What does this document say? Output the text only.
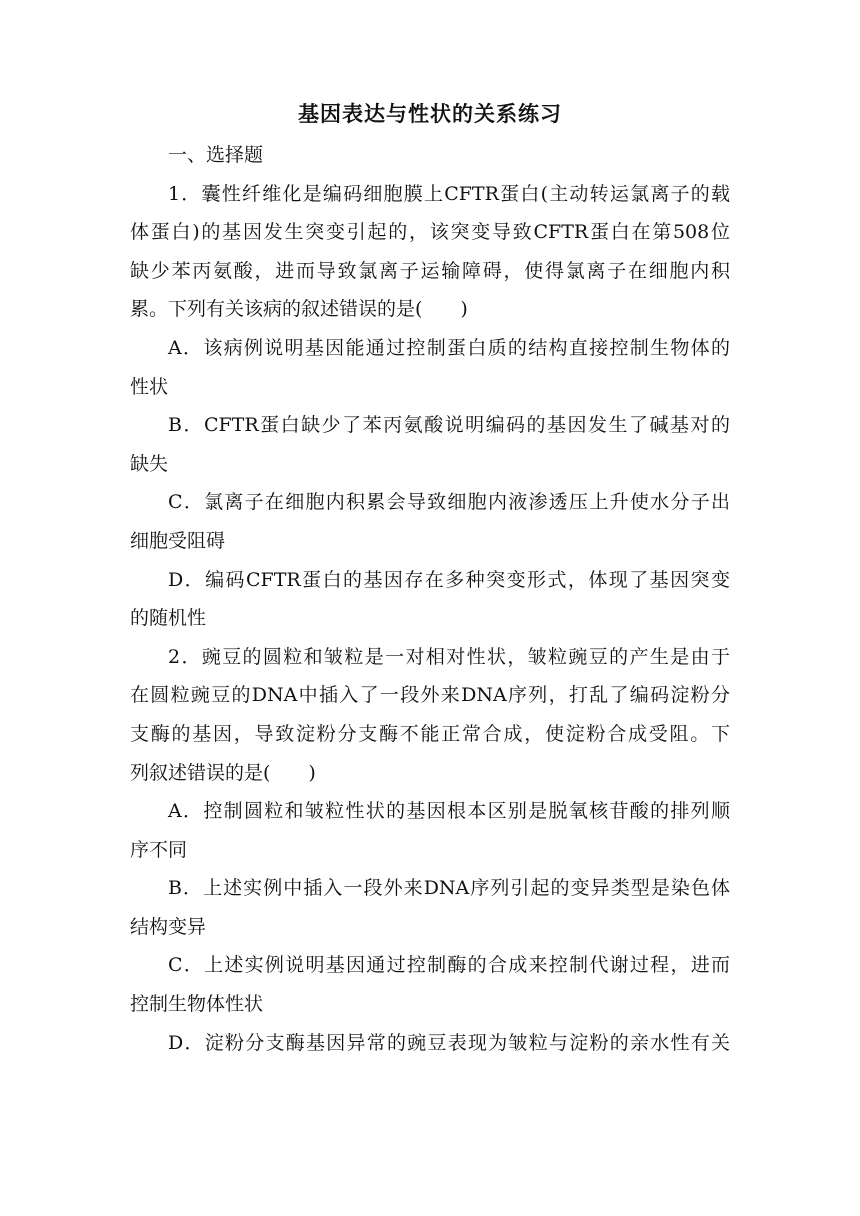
基因表达与性状的关系练习

一、选择题

1．囊性纤维化是编码细胞膜上CFTR蛋白(主动转运氯离子的载

体蛋白)的基因发生突变引起的，该突变导致CFTR蛋白在第508位

缺少苯丙氨酸，进而导致氯离子运输障碍，使得氯离子在细胞内积

累。下列有关该病的叙述错误的是(　　)

A．该病例说明基因能通过控制蛋白质的结构直接控制生物体的

性状

B．CFTR蛋白缺少了苯丙氨酸说明编码的基因发生了碱基对的

缺失

C．氯离子在细胞内积累会导致细胞内液渗透压上升使水分子出

细胞受阻碍

D．编码CFTR蛋白的基因存在多种突变形式，体现了基因突变

的随机性

2．豌豆的圆粒和皱粒是一对相对性状，皱粒豌豆的产生是由于

在圆粒豌豆的DNA中插入了一段外来DNA序列，打乱了编码淀粉分

支酶的基因，导致淀粉分支酶不能正常合成，使淀粉合成受阻。下

列叙述错误的是(　　)

A．控制圆粒和皱粒性状的基因根本区别是脱氧核苷酸的排列顺

序不同

B．上述实例中插入一段外来DNA序列引起的变异类型是染色体

结构变异

C．上述实例说明基因通过控制酶的合成来控制代谢过程，进而

控制生物体性状

D．淀粉分支酶基因异常的豌豆表现为皱粒与淀粉的亲水性有关
